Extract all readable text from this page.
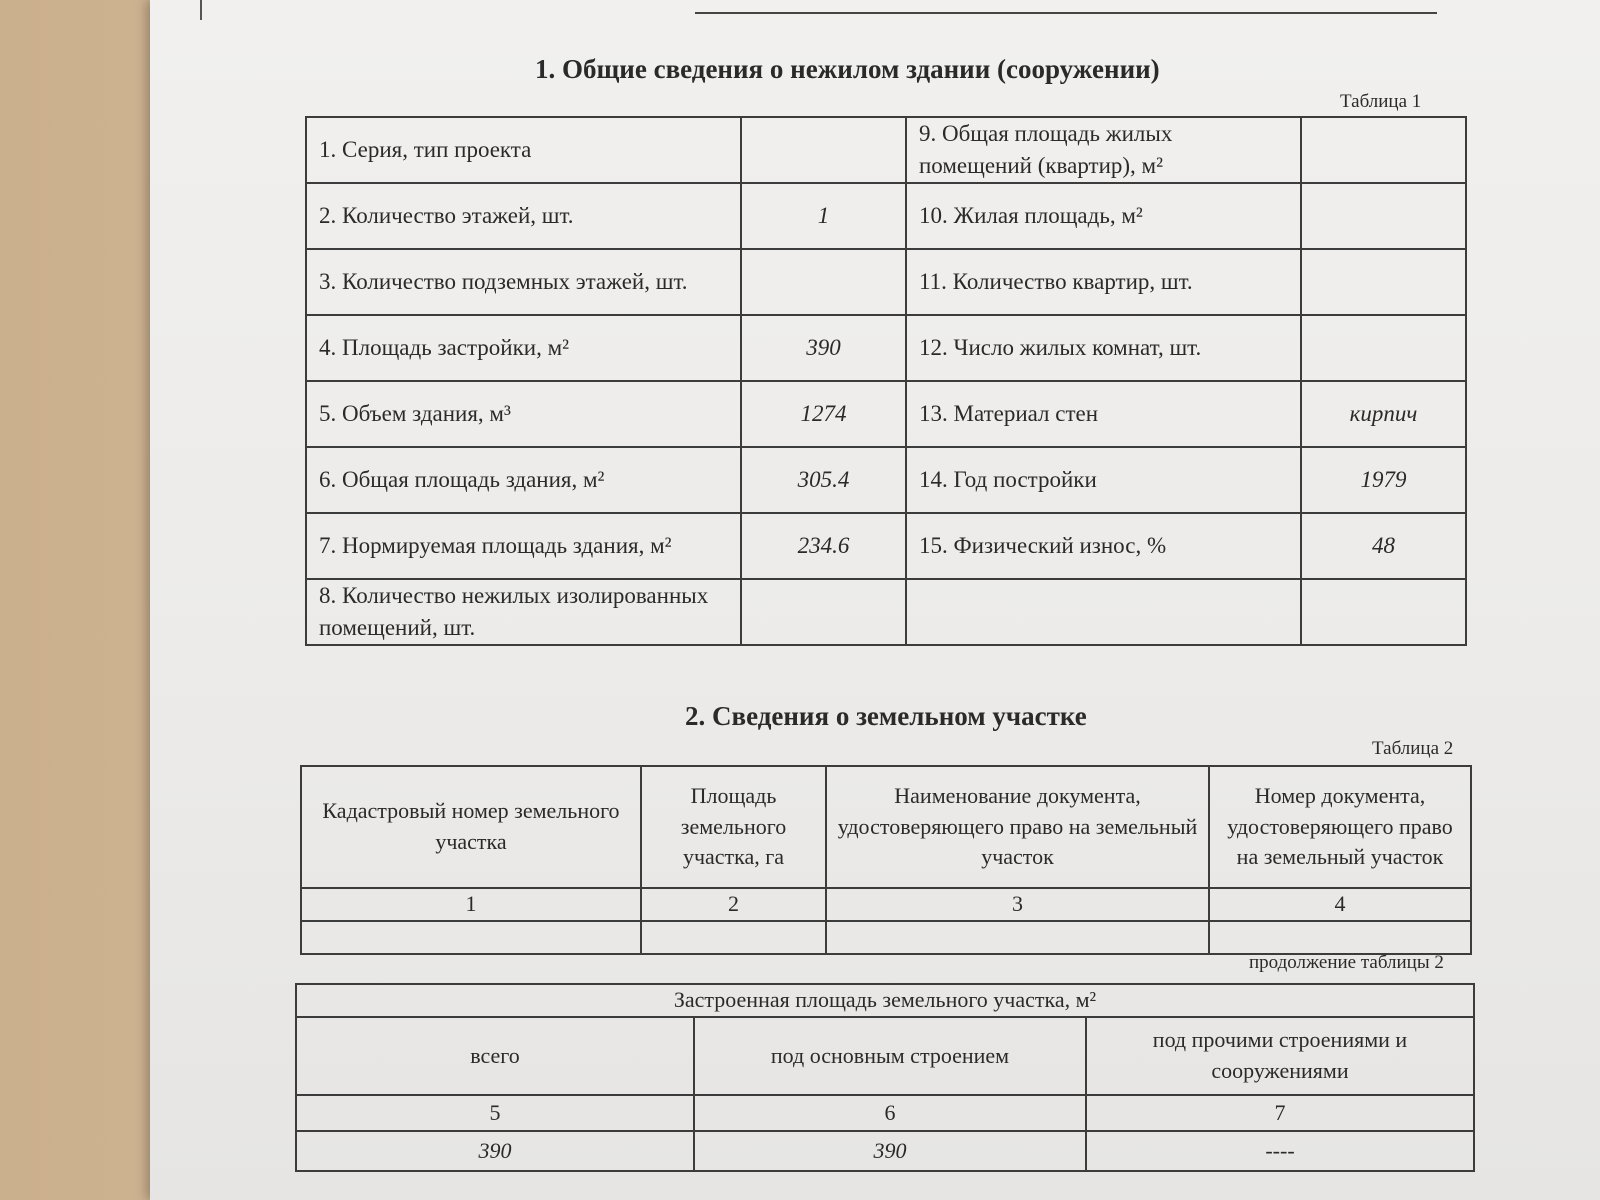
1. Общие сведения о нежилом здании (сооружении)
Таблица 1
1. Серия, тип проекта		9. Общая площадь жилых помещений (квартир), м²	
2. Количество этажей, шт.	1	10. Жилая площадь, м²	
3. Количество подземных этажей, шт.		11. Количество квартир, шт.	
4. Площадь застройки, м²	390	12. Число жилых комнат, шт.	
5. Объем здания, м³	1274	13. Материал стен	кирпич
6. Общая площадь здания, м²	305.4	14. Год постройки	1979
7. Нормируемая площадь здания, м²	234.6	15. Физический износ, %	48
8. Количество нежилых изолированных помещений, шт.			
2. Сведения о земельном участке
Таблица 2
Кадастровый номер земельного участка	Площадь земельного участка, га	Наименование документа, удостоверяющего право на земельный участок	Номер документа, удостоверяющего право на земельный участок
1	2	3	4

продолжение таблицы 2
Застроенная площадь земельного участка, м²		
всего	под основным строением	под прочими строениями и сооружениями
5	6	7
390	390	----
